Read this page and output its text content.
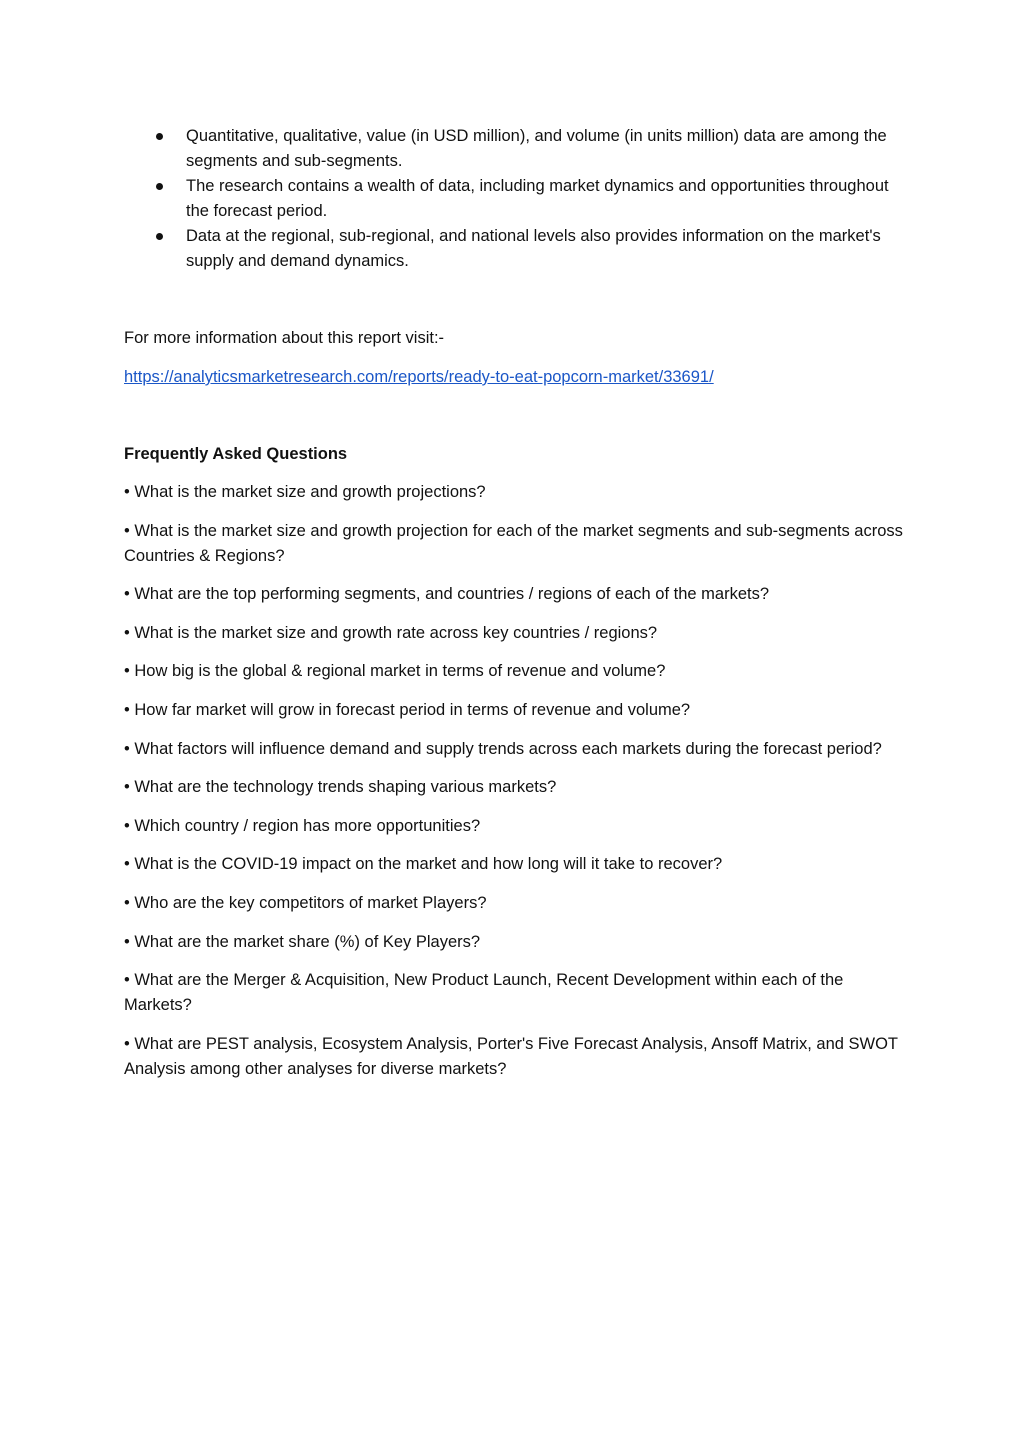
Quantitative, qualitative, value (in USD million), and volume (in units million) data are among the segments and sub-segments.
The research contains a wealth of data, including market dynamics and opportunities throughout the forecast period.
Data at the regional, sub-regional, and national levels also provides information on the market's supply and demand dynamics.

For more information about this report visit:-

https://analyticsmarketresearch.com/reports/ready-to-eat-popcorn-market/33691/

Frequently Asked Questions

• What is the market size and growth projections?

• What is the market size and growth projection for each of the market segments and sub-segments across Countries & Regions?

• What are the top performing segments, and countries / regions of each of the markets?

• What is the market size and growth rate across key countries / regions?

• How big is the global & regional market in terms of revenue and volume?

• How far market will grow in forecast period in terms of revenue and volume?

• What factors will influence demand and supply trends across each markets during the forecast period?

• What are the technology trends shaping various markets?

• Which country / region has more opportunities?

• What is the COVID-19 impact on the market and how long will it take to recover?

• Who are the key competitors of market Players?

• What are the market share (%) of Key Players?

• What are the Merger & Acquisition, New Product Launch, Recent Development within each of the Markets?

• What are PEST analysis, Ecosystem Analysis, Porter's Five Forecast Analysis, Ansoff Matrix, and SWOT Analysis among other analyses for diverse markets?
